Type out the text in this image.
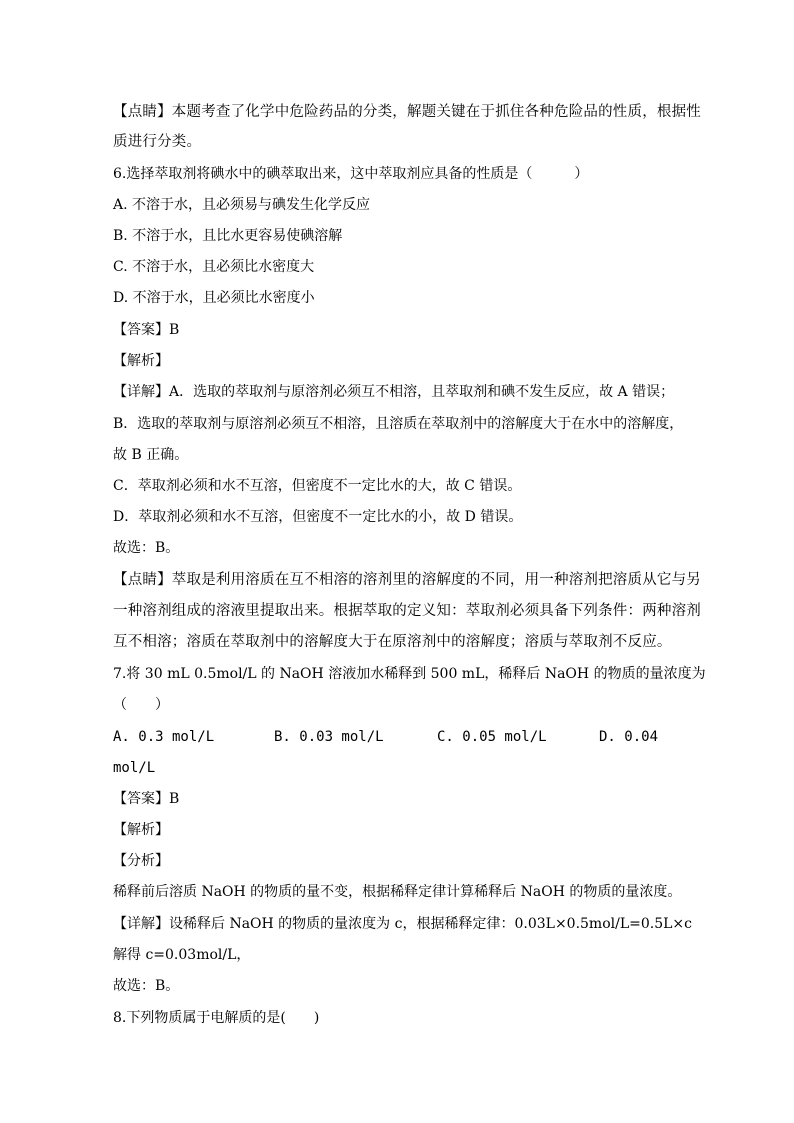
【点睛】本题考查了化学中危险药品的分类，解题关键在于抓住各种危险品的性质，根据性
质进行分类。
6.选择萃取剂将碘水中的碘萃取出来，这中萃取剂应具备的性质是（　　　）
A. 不溶于水，且必须易与碘发生化学反应
B. 不溶于水，且比水更容易使碘溶解
C. 不溶于水，且必须比水密度大
D. 不溶于水，且必须比水密度小
【答案】B
【解析】
【详解】A．选取的萃取剂与原溶剂必须互不相溶，且萃取剂和碘不发生反应，故 A 错误；
B．选取的萃取剂与原溶剂必须互不相溶，且溶质在萃取剂中的溶解度大于在水中的溶解度，
故 B 正确。
C．萃取剂必须和水不互溶，但密度不一定比水的大，故 C 错误。
D．萃取剂必须和水不互溶，但密度不一定比水的小，故 D 错误。
故选：B。
【点睛】萃取是利用溶质在互不相溶的溶剂里的溶解度的不同，用一种溶剂把溶质从它与另
一种溶剂组成的溶液里提取出来。根据萃取的定义知：萃取剂必须具备下列条件：两种溶剂
互不相溶；溶质在萃取剂中的溶解度大于在原溶剂中的溶解度；溶质与萃取剂不反应。
7.将 30 mL 0.5mol/L 的 NaOH 溶液加水稀释到 500 mL，稀释后 NaOH 的物质的量浓度为
（　　）
A. 0.3 mol/L	B. 0.03 mol/L	C. 0.05 mol/L	D. 0.04
mol/L
【答案】B
【解析】
【分析】
稀释前后溶质 NaOH 的物质的量不变，根据稀释定律计算稀释后 NaOH 的物质的量浓度。
【详解】设稀释后 NaOH 的物质的量浓度为 c，根据稀释定律：0.03L×0.5mol/L=0.5L×c
解得 c=0.03mol/L，
故选：B。
8.下列物质属于电解质的是(　　)
